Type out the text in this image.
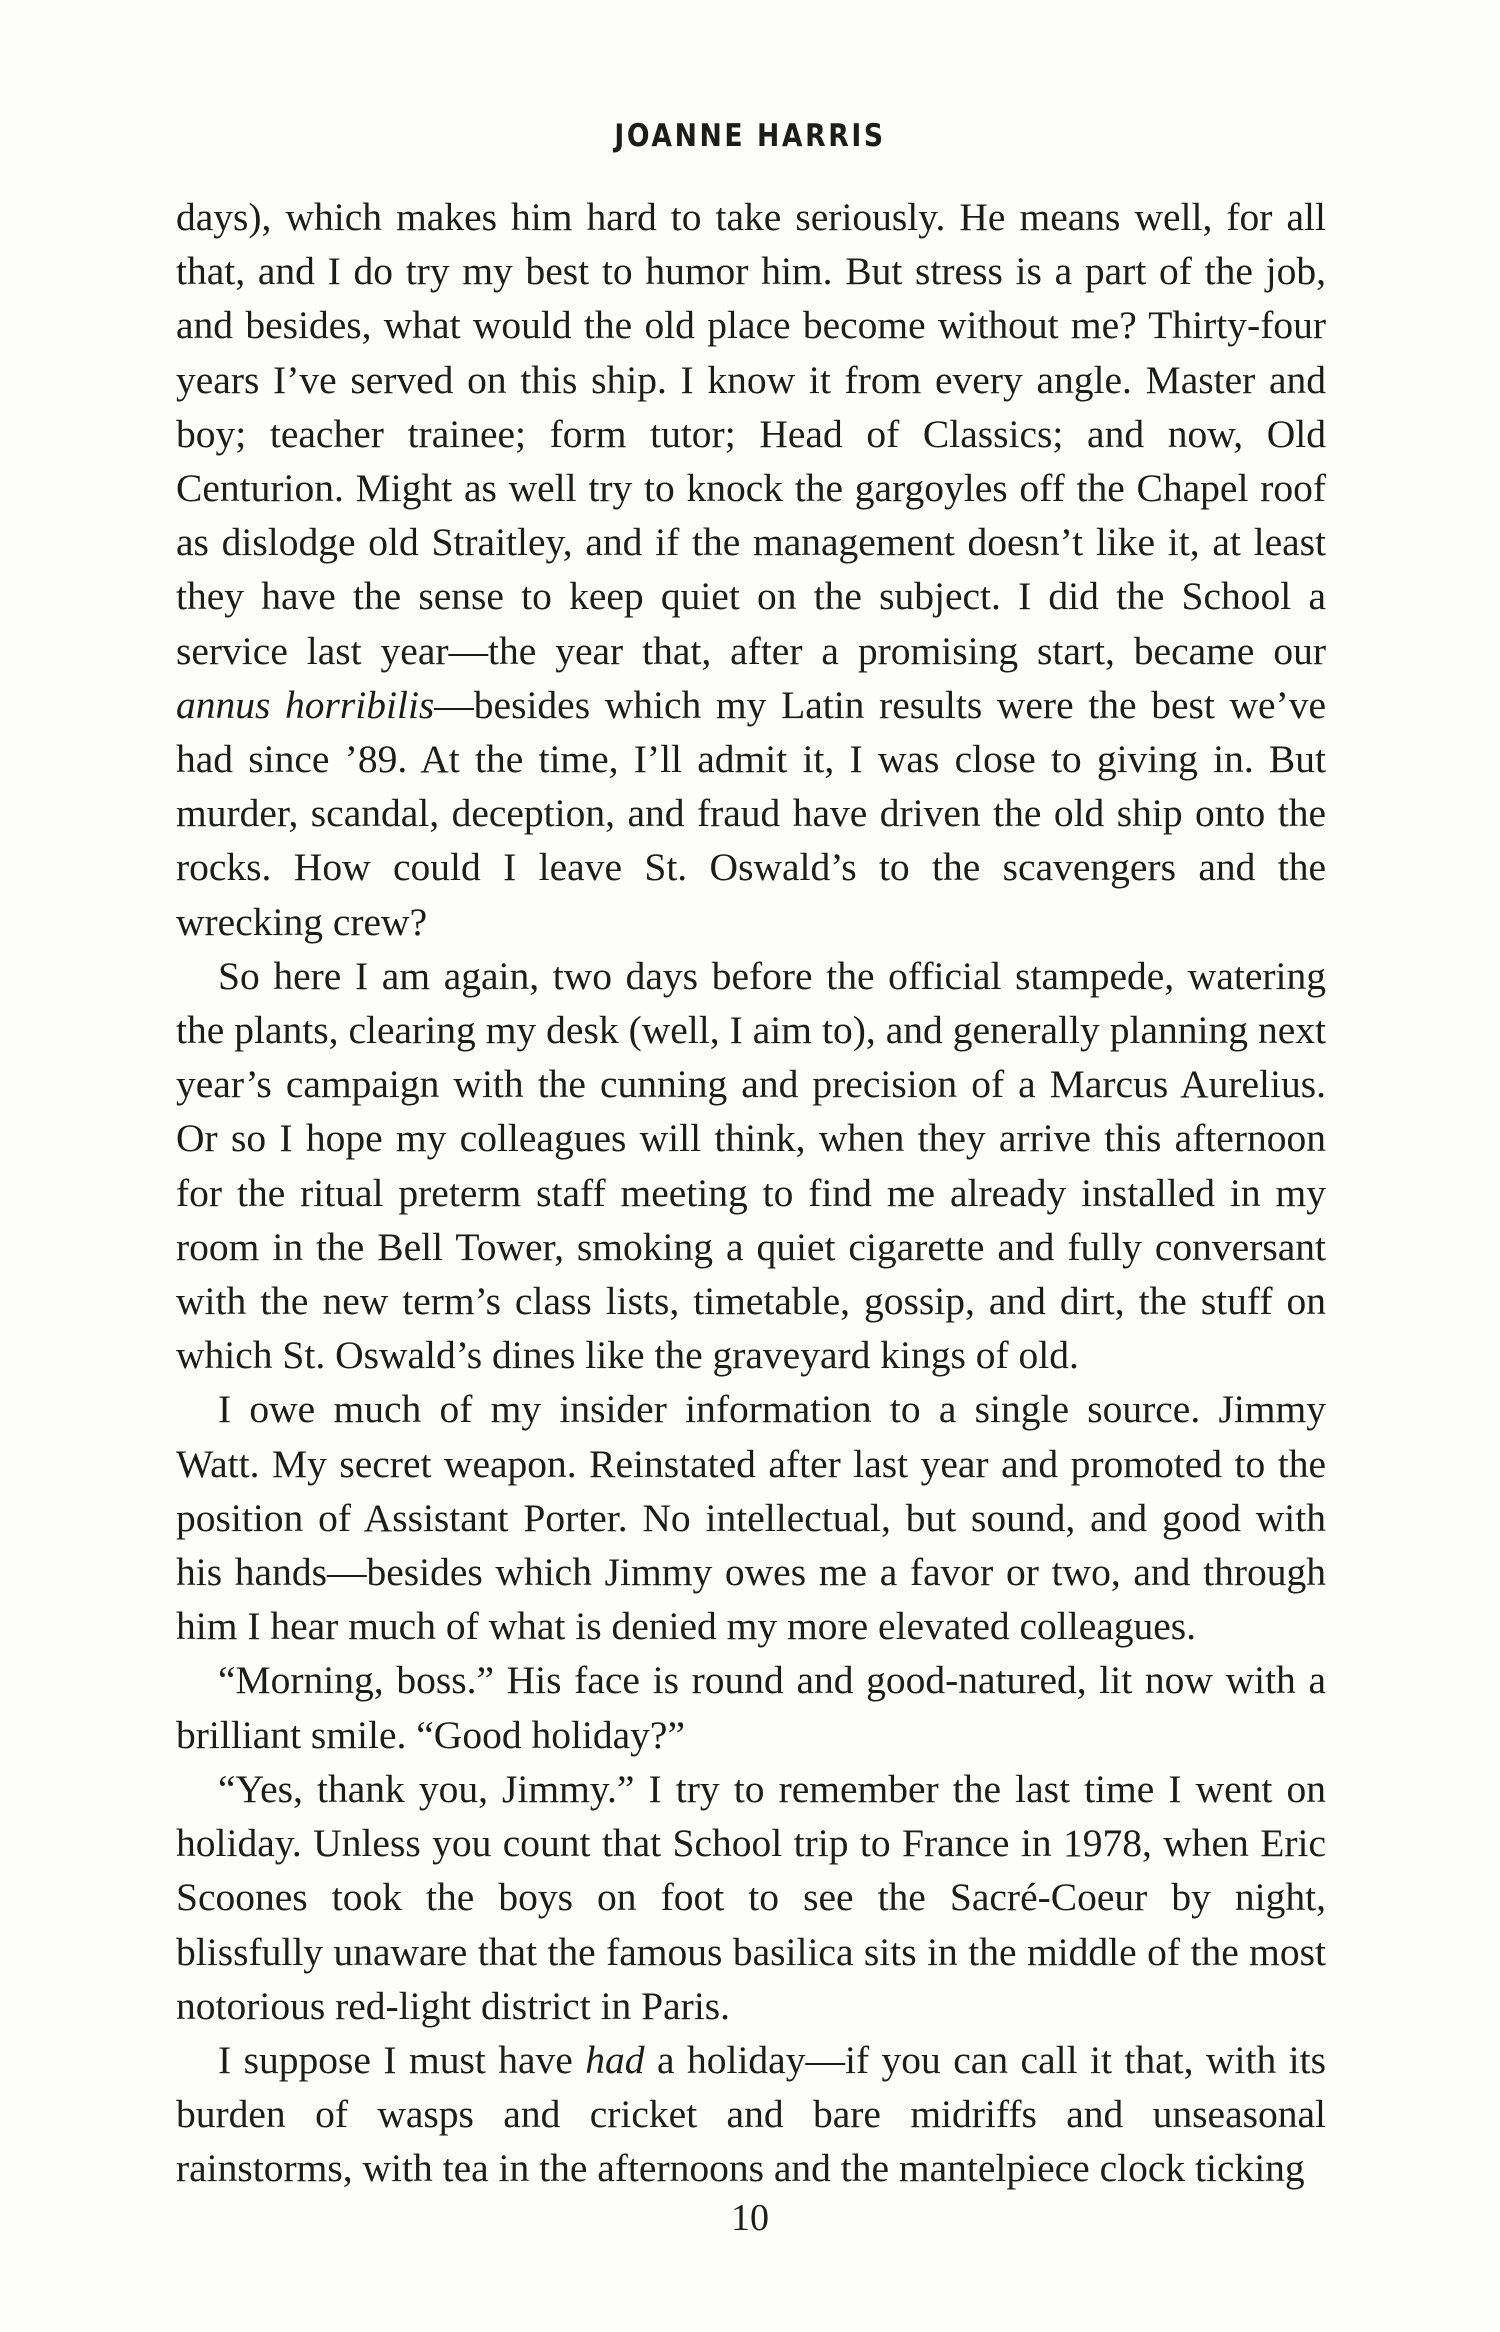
JOANNE HARRIS

days), which makes him hard to take seriously. He means well, for all that, and I do try my best to humor him. But stress is a part of the job, and besides, what would the old place become without me? Thirty-four years I’ve served on this ship. I know it from every angle. Master and boy; teacher trainee; form tutor; Head of Classics; and now, Old Centurion. Might as well try to knock the gargoyles off the Chapel roof as dislodge old Straitley, and if the management doesn’t like it, at least they have the sense to keep quiet on the subject. I did the School a service last year—the year that, after a promising start, became our annus horribilis—besides which my Latin results were the best we’ve had since ’89. At the time, I’ll admit it, I was close to giving in. But murder, scandal, deception, and fraud have driven the old ship onto the rocks. How could I leave St. Oswald’s to the scavengers and the wrecking crew?

So here I am again, two days before the official stampede, watering the plants, clearing my desk (well, I aim to), and generally planning next year’s campaign with the cunning and precision of a Marcus Aurelius. Or so I hope my colleagues will think, when they arrive this afternoon for the ritual preterm staff meeting to find me already installed in my room in the Bell Tower, smoking a quiet cigarette and fully conversant with the new term’s class lists, timetable, gossip, and dirt, the stuff on which St. Oswald’s dines like the graveyard kings of old.

I owe much of my insider information to a single source. Jimmy Watt. My secret weapon. Reinstated after last year and promoted to the position of Assistant Porter. No intellectual, but sound, and good with his hands—besides which Jimmy owes me a favor or two, and through him I hear much of what is denied my more elevated colleagues.

“Morning, boss.” His face is round and good-natured, lit now with a brilliant smile. “Good holiday?”

“Yes, thank you, Jimmy.” I try to remember the last time I went on holiday. Unless you count that School trip to France in 1978, when Eric Scoones took the boys on foot to see the Sacré-Coeur by night, blissfully unaware that the famous basilica sits in the middle of the most notorious red-light district in Paris.

I suppose I must have had a holiday—if you can call it that, with its burden of wasps and cricket and bare midriffs and unseasonal rainstorms, with tea in the afternoons and the mantelpiece clock ticking

10
